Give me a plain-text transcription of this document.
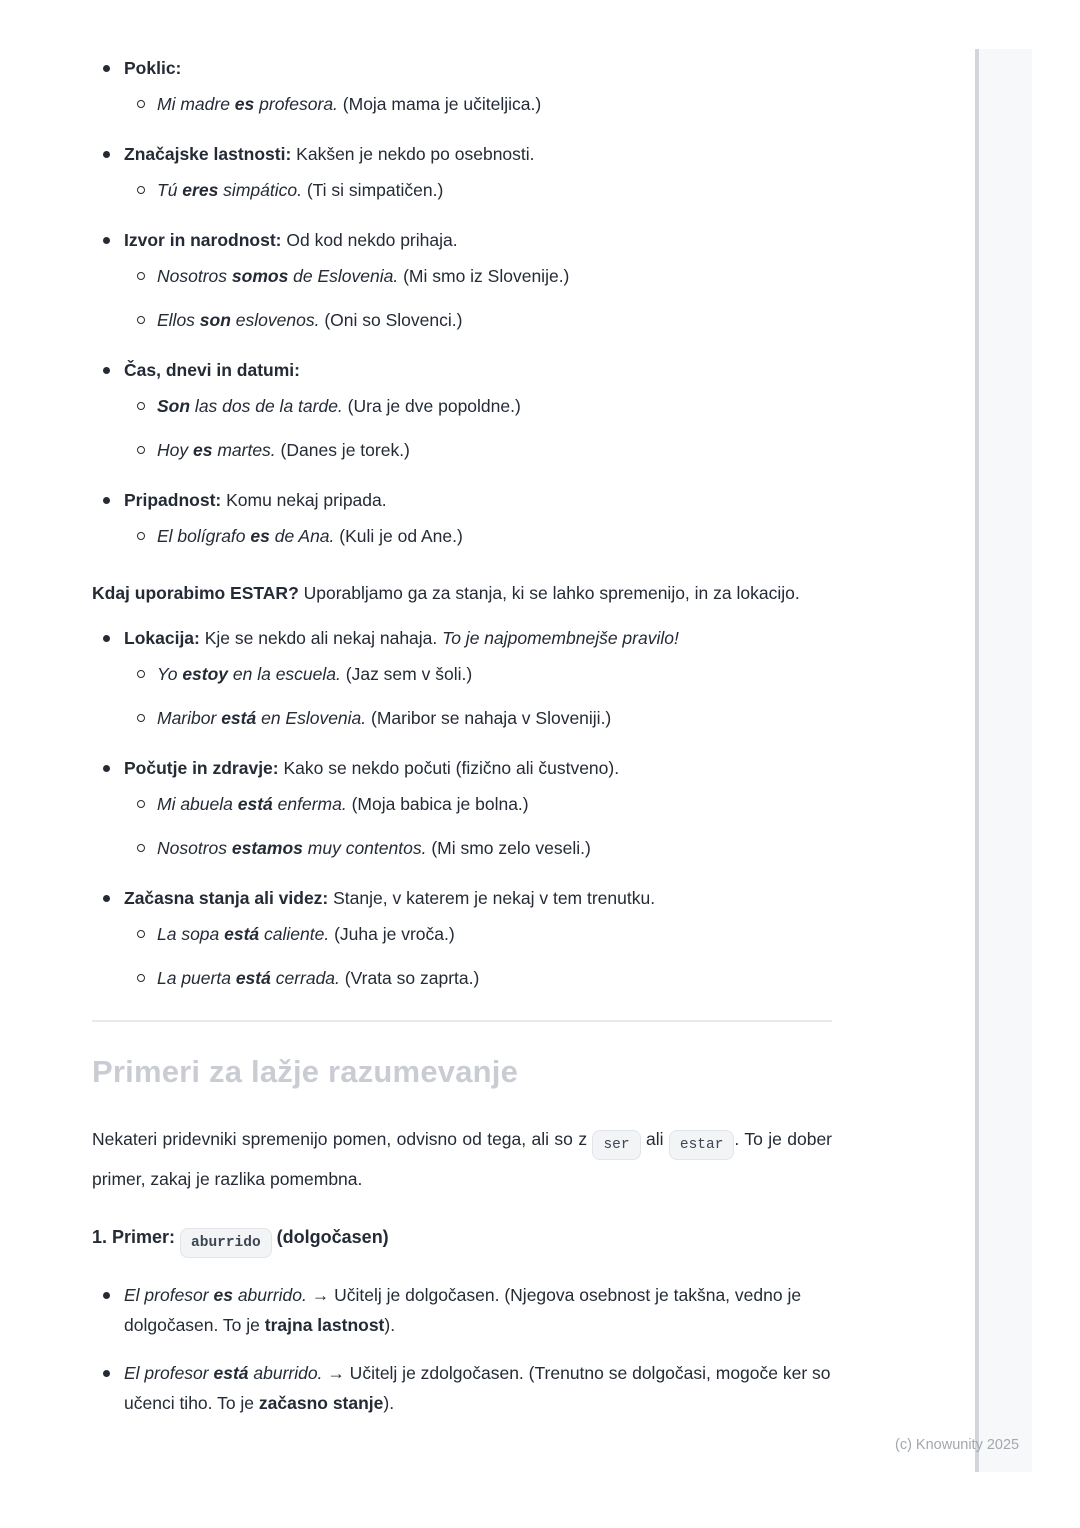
Poklic:
Mi madre es profesora. (Moja mama je učiteljica.)
Značajske lastnosti: Kakšen je nekdo po osebnosti.
Tú eres simpático. (Ti si simpatičen.)
Izvor in narodnost: Od kod nekdo prihaja.
Nosotros somos de Eslovenia. (Mi smo iz Slovenije.)
Ellos son eslovenos. (Oni so Slovenci.)
Čas, dnevi in datumi:
Son las dos de la tarde. (Ura je dve popoldne.)
Hoy es martes. (Danes je torek.)
Pripadnost: Komu nekaj pripada.
El bolígrafo es de Ana. (Kuli je od Ane.)
Kdaj uporabimo ESTAR? Uporabljamo ga za stanja, ki se lahko spremenijo, in za lokacijo.
Lokacija: Kje se nekdo ali nekaj nahaja. To je najpomembnejše pravilo!
Yo estoy en la escuela. (Jaz sem v šoli.)
Maribor está en Eslovenia. (Maribor se nahaja v Sloveniji.)
Počutje in zdravje: Kako se nekdo počuti (fizično ali čustveno).
Mi abuela está enferma. (Moja babica je bolna.)
Nosotros estamos muy contentos. (Mi smo zelo veseli.)
Začasna stanja ali videz: Stanje, v katerem je nekaj v tem trenutku.
La sopa está caliente. (Juha je vroča.)
La puerta está cerrada. (Vrata so zaprta.)
Primeri za lažje razumevanje
Nekateri pridevniki spremenijo pomen, odvisno od tega, ali so z ser ali estar . To je dober primer, zakaj je razlika pomembna.
1. Primer: aburrido (dolgočasen)
El profesor es aburrido. → Učitelj je dolgočasen. (Njegova osebnost je takšna, vedno je dolgočasen. To je trajna lastnost).
El profesor está aburrido. → Učitelj je zdolgočasen. (Trenutno se dolgočasi, mogoče ker so učenci tiho. To je začasno stanje).
(c) Knowunity 2025
